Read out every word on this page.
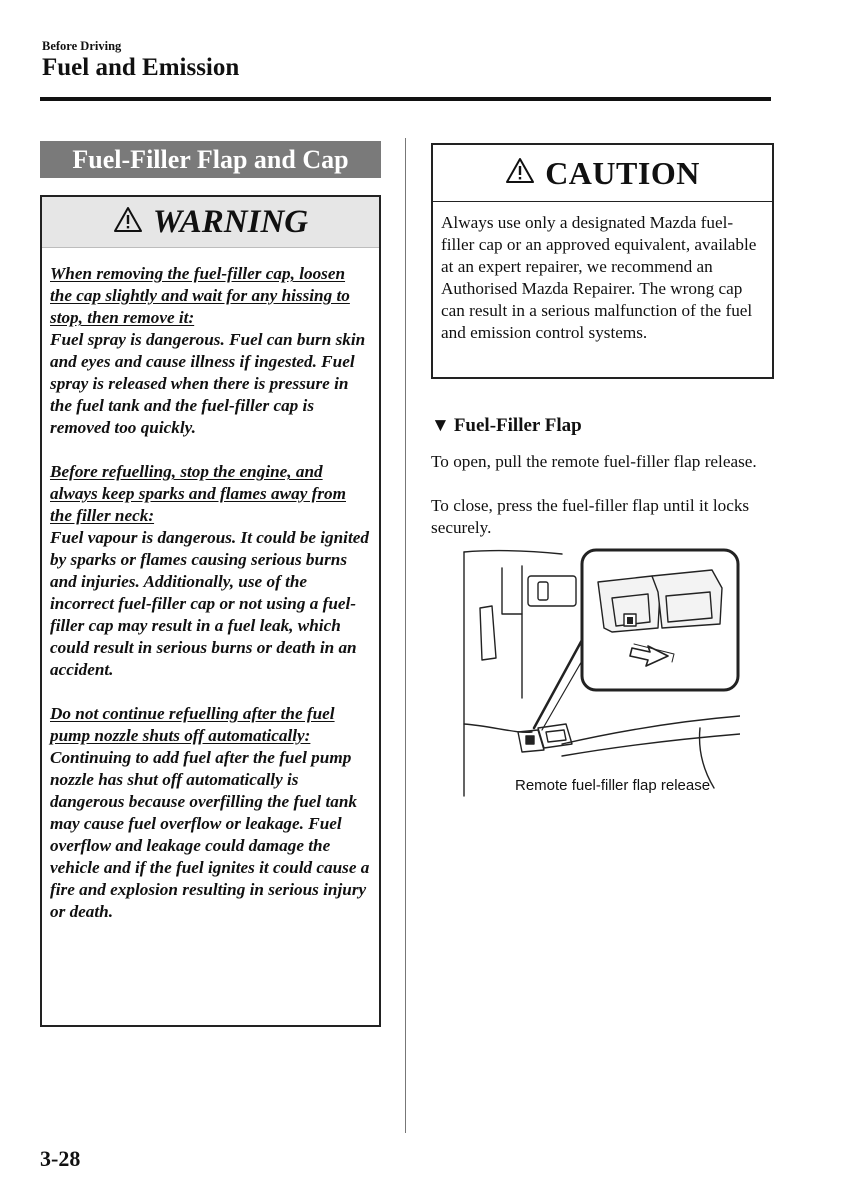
Before Driving
Fuel and Emission
Fuel-Filler Flap and Cap
WARNING

When removing the fuel-filler cap, loosen the cap slightly and wait for any hissing to stop, then remove it:
Fuel spray is dangerous. Fuel can burn skin and eyes and cause illness if ingested. Fuel spray is released when there is pressure in the fuel tank and the fuel-filler cap is removed too quickly.

Before refuelling, stop the engine, and always keep sparks and flames away from the filler neck:
Fuel vapour is dangerous. It could be ignited by sparks or flames causing serious burns and injuries. Additionally, use of the incorrect fuel-filler cap or not using a fuel-filler cap may result in a fuel leak, which could result in serious burns or death in an accident.

Do not continue refuelling after the fuel pump nozzle shuts off automatically:
Continuing to add fuel after the fuel pump nozzle has shut off automatically is dangerous because overfilling the fuel tank may cause fuel overflow or leakage. Fuel overflow and leakage could damage the vehicle and if the fuel ignites it could cause a fire and explosion resulting in serious injury or death.

CAUTION

Always use only a designated Mazda fuel-filler cap or an approved equivalent, available at an expert repairer, we recommend an Authorised Mazda Repairer. The wrong cap can result in a serious malfunction of the fuel and emission control systems.

▼ Fuel-Filler Flap

To open, pull the remote fuel-filler flap release.

To close, press the fuel-filler flap until it locks securely.

Remote fuel-filler flap release
3-28
